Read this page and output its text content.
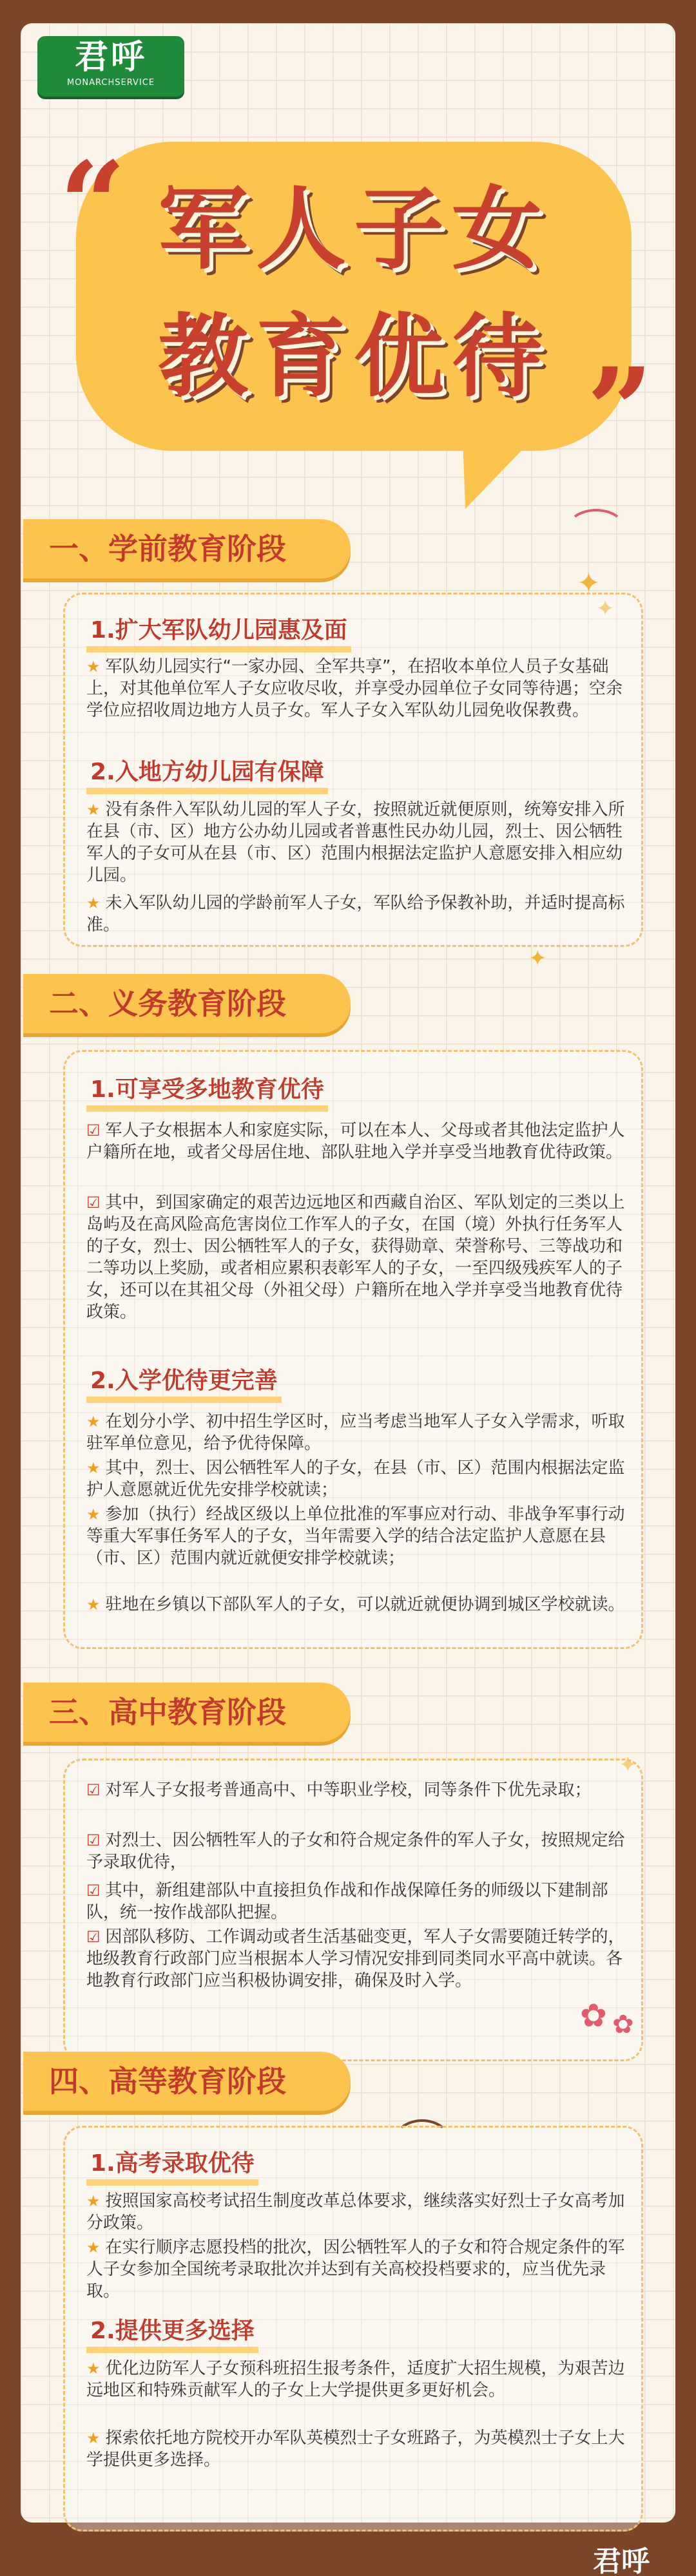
君呼
MONARCHSERVICE
“
”
军人子女
教育优待
✦
✦
一、学前教育阶段
1.扩大军队幼儿园惠及面
★ 军队幼儿园实行“一家办园、全军共享”，在招收本单位人员子女基础上，对其他单位军人子女应收尽收，并享受办园单位子女同等待遇；空余学位应招收周边地方人员子女。军人子女入军队幼儿园免收保教费。
2.入地方幼儿园有保障
★ 没有条件入军队幼儿园的军人子女，按照就近就便原则，统筹安排入所在县（市、区）地方公办幼儿园或者普惠性民办幼儿园，烈士、因公牺牲军人的子女可从在县（市、区）范围内根据法定监护人意愿安排入相应幼儿园。
★ 未入军队幼儿园的学龄前军人子女，军队给予保教补助，并适时提高标准。
✦
二、义务教育阶段
1.可享受多地教育优待
☑ 军人子女根据本人和家庭实际，可以在本人、父母或者其他法定监护人户籍所在地，或者父母居住地、部队驻地入学并享受当地教育优待政策。
☑ 其中，到国家确定的艰苦边远地区和西藏自治区、军队划定的三类以上岛屿及在高风险高危害岗位工作军人的子女，在国（境）外执行任务军人的子女，烈士、因公牺牲军人的子女，获得勋章、荣誉称号、三等战功和二等功以上奖励，或者相应累积表彰军人的子女，一至四级残疾军人的子女，还可以在其祖父母（外祖父母）户籍所在地入学并享受当地教育优待政策。
2.入学优待更完善
★ 在划分小学、初中招生学区时，应当考虑当地军人子女入学需求，听取驻军单位意见，给予优待保障。
★ 其中，烈士、因公牺牲军人的子女，在县（市、区）范围内根据法定监护人意愿就近优先安排学校就读；
★ 参加（执行）经战区级以上单位批准的军事应对行动、非战争军事行动等重大军事任务军人的子女，当年需要入学的结合法定监护人意愿在县（市、区）范围内就近就便安排学校就读；
★ 驻地在乡镇以下部队军人的子女，可以就近就便协调到城区学校就读。
三、高中教育阶段
✦
☑ 对军人子女报考普通高中、中等职业学校，同等条件下优先录取；
☑ 对烈士、因公牺牲军人的子女和符合规定条件的军人子女，按照规定给予录取优待，
☑ 其中，新组建部队中直接担负作战和作战保障任务的师级以下建制部队，统一按作战部队把握。
☑ 因部队移防、工作调动或者生活基础变更，军人子女需要随迁转学的，地级教育行政部门应当根据本人学习情况安排到同类同水平高中就读。各地教育行政部门应当积极协调安排，确保及时入学。
✿ ✿
四、高等教育阶段
1.高考录取优待
★ 按照国家高校考试招生制度改革总体要求，继续落实好烈士子女高考加分政策。
★ 在实行顺序志愿投档的批次，因公牺牲军人的子女和符合规定条件的军人子女参加全国统考录取批次并达到有关高校投档要求的，应当优先录取。
2.提供更多选择
★ 优化边防军人子女预科班招生报考条件，适度扩大招生规模，为艰苦边远地区和特殊贡献军人的子女上大学提供更多更好机会。
★ 探索依托地方院校开办军队英模烈士子女班路子，为英模烈士子女上大学提供更多选择。
君呼
